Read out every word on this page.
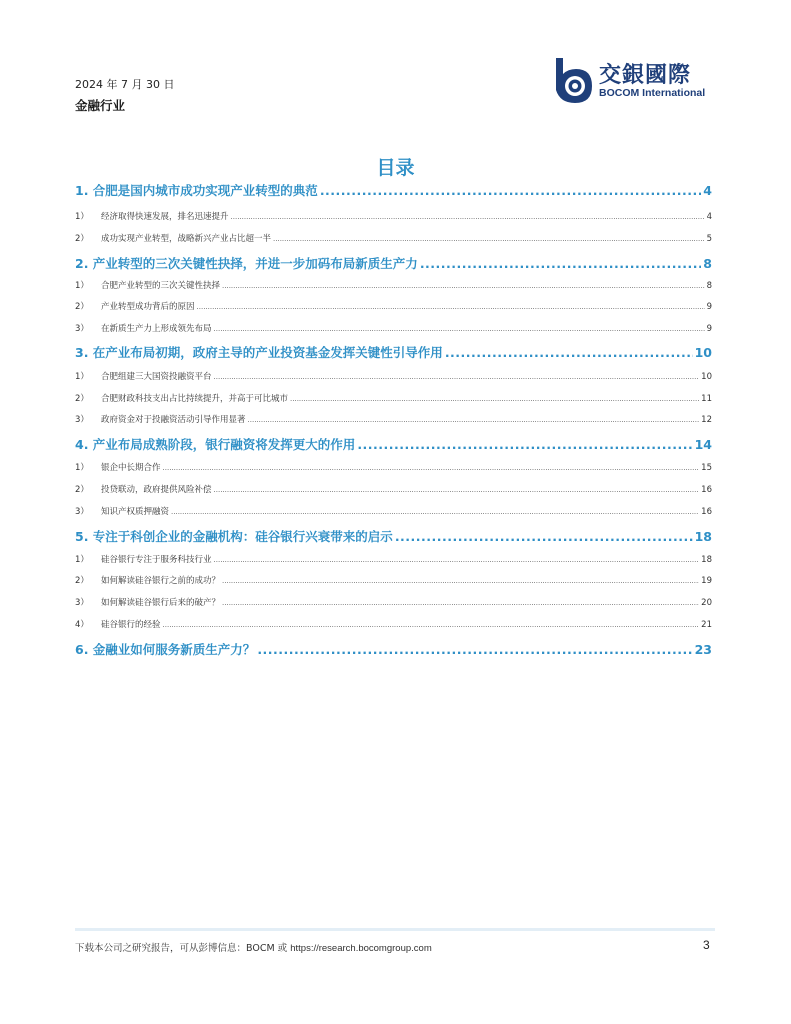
2024 年 7 月 30 日
金融行业
交銀國際
BOCOM International
目录
1. 合肥是国内城市成功实现产业转型的典范 .....	4
1） 经济取得快速发展，排名迅速提升 .....	4
2） 成功实现产业转型，战略新兴产业占比超一半 .....	5
2. 产业转型的三次关键性抉择，并进一步加码布局新质生产力 .....	8
1） 合肥产业转型的三次关键性抉择 .....	8
2） 产业转型成功背后的原因 .....	9
3） 在新质生产力上形成领先布局 .....	9
3. 在产业布局初期，政府主导的产业投资基金发挥关键性引导作用 .....	10
1） 合肥组建三大国资投融资平台 .....	10
2） 合肥财政科技支出占比持续提升，并高于可比城市 .....	11
3） 政府资金对于投融资活动引导作用显著 .....	12
4. 产业布局成熟阶段，银行融资将发挥更大的作用 .....	14
1） 银企中长期合作 .....	15
2） 投贷联动，政府提供风险补偿 .....	16
3） 知识产权质押融资 .....	16
5. 专注于科创企业的金融机构：硅谷银行兴衰带来的启示 .....	18
1） 硅谷银行专注于服务科技行业 .....	18
2） 如何解读硅谷银行之前的成功？ .....	19
3） 如何解读硅谷银行后来的破产？ .....	20
4） 硅谷银行的经验 .....	21
6. 金融业如何服务新质生产力？ .....	23
下载本公司之研究报告，可从彭博信息：BOCM 或 https://research.bocomgroup.com	3
